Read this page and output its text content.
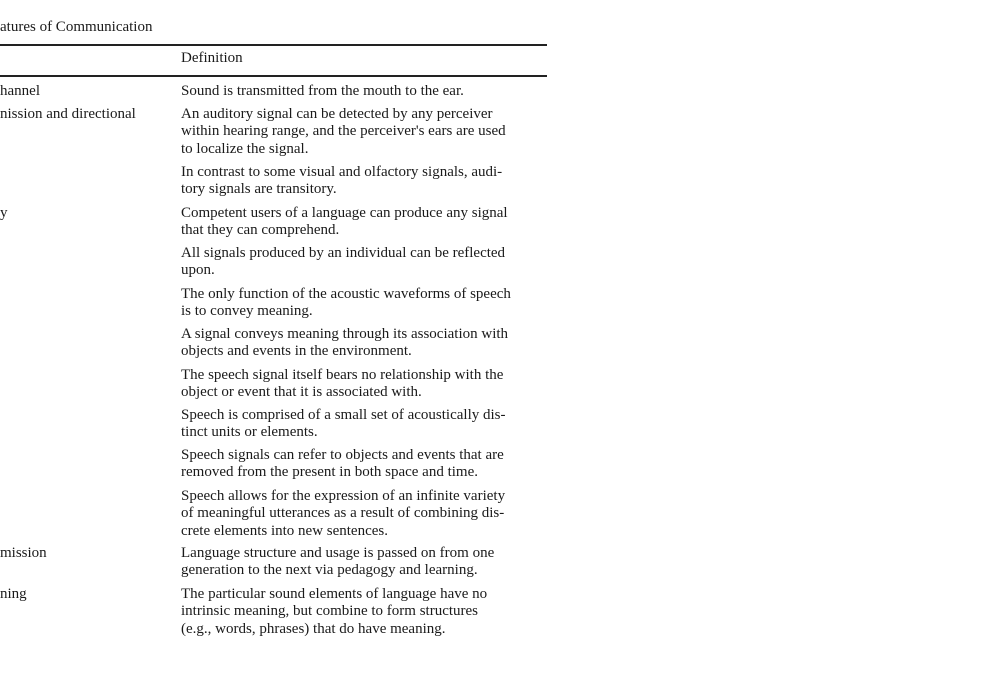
atures of Communication
Definition
hannel	Sound is transmitted from the mouth to the ear.
nission and directional	An auditory signal can be detected by any perceiver
within hearing range, and the perceiver's ears are used
to localize the signal.
In contrast to some visual and olfactory signals, audi-
tory signals are transitory.
y	Competent users of a language can produce any signal
that they can comprehend.
All signals produced by an individual can be reflected
upon.
The only function of the acoustic waveforms of speech
is to convey meaning.
A signal conveys meaning through its association with
objects and events in the environment.
The speech signal itself bears no relationship with the
object or event that it is associated with.
Speech is comprised of a small set of acoustically dis-
tinct units or elements.
Speech signals can refer to objects and events that are
removed from the present in both space and time.
Speech allows for the expression of an infinite variety
of meaningful utterances as a result of combining dis-
crete elements into new sentences.
mission	Language structure and usage is passed on from one
generation to the next via pedagogy and learning.
ning	The particular sound elements of language have no
intrinsic meaning, but combine to form structures
(e.g., words, phrases) that do have meaning.
